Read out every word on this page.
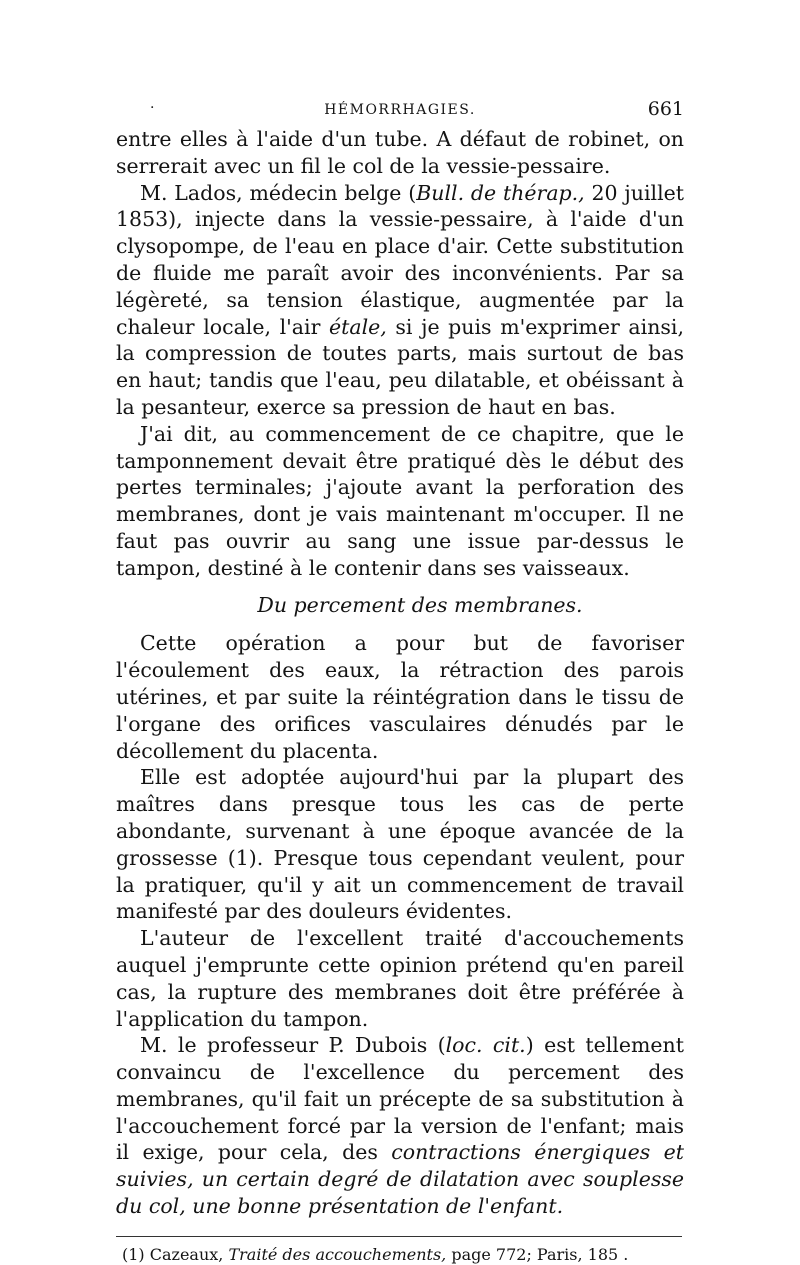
·	HÉMORRHAGIES.	661

entre elles à l'aide d'un tube. A défaut de robinet, on serrerait avec un fil le col de la vessie-pessaire.

M. Lados, médecin belge (Bull. de thérap., 20 juillet 1853), injecte dans la vessie-pessaire, à l'aide d'un clysopompe, de l'eau en place d'air. Cette substitution de fluide me paraît avoir des inconvénients. Par sa légèreté, sa tension élastique, augmentée par la chaleur locale, l'air étale, si je puis m'exprimer ainsi, la compression de toutes parts, mais surtout de bas en haut; tandis que l'eau, peu dilatable, et obéissant à la pesanteur, exerce sa pression de haut en bas.

J'ai dit, au commencement de ce chapitre, que le tamponnement devait être pratiqué dès le début des pertes terminales; j'ajoute avant la perforation des membranes, dont je vais maintenant m'occuper. Il ne faut pas ouvrir au sang une issue par-dessus le tampon, destiné à le contenir dans ses vaisseaux.

Du percement des membranes.

Cette opération a pour but de favoriser l'écoulement des eaux, la rétraction des parois utérines, et par suite la réintégration dans le tissu de l'organe des orifices vasculaires dénudés par le décollement du placenta.

Elle est adoptée aujourd'hui par la plupart des maîtres dans presque tous les cas de perte abondante, survenant à une époque avancée de la grossesse (1). Presque tous cependant veulent, pour la pratiquer, qu'il y ait un commencement de travail manifesté par des douleurs évidentes.

L'auteur de l'excellent traité d'accouchements auquel j'emprunte cette opinion prétend qu'en pareil cas, la rupture des membranes doit être préférée à l'application du tampon.

M. le professeur P. Dubois (loc. cit.) est tellement convaincu de l'excellence du percement des membranes, qu'il fait un précepte de sa substitution à l'accouchement forcé par la version de l'enfant; mais il exige, pour cela, des contractions énergiques et suivies, un certain degré de dilatation avec souplesse du col, une bonne présentation de l'enfant.

(1) Cazeaux, Traité des accouchements, page 772; Paris, 185 .
